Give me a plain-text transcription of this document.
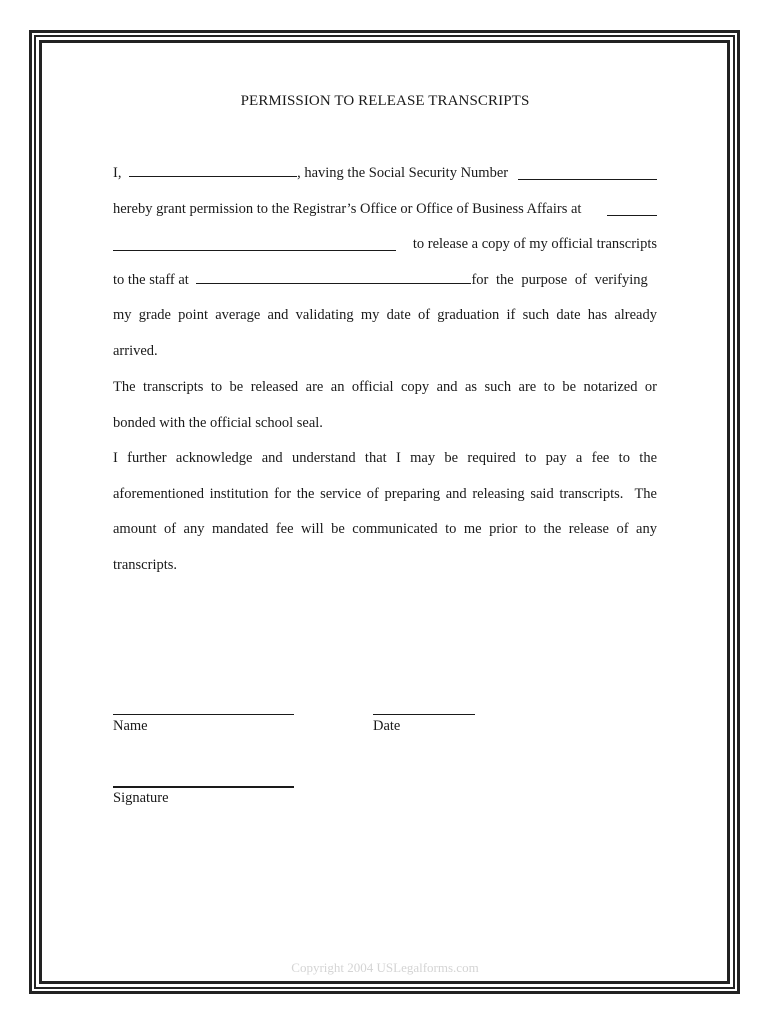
PERMISSION TO RELEASE TRANSCRIPTS
I,	, having the Social Security Number
hereby grant permission to the Registrar’s Office or Office of Business Affairs at
to release a copy of my official transcripts
to the staff at	for the purpose of verifying
my grade point average and validating my date of graduation if such date has already
arrived.
The transcripts to be released are an official copy and as such are to be notarized or
bonded with the official school seal.
I further acknowledge and understand that I may be required to pay a fee to the
aforementioned institution for the service of preparing and releasing said transcripts.  The
amount of any mandated fee will be communicated to me prior to the release of any
transcripts.
Name	Date
Signature
Copyright 2004 USLegalforms.com
